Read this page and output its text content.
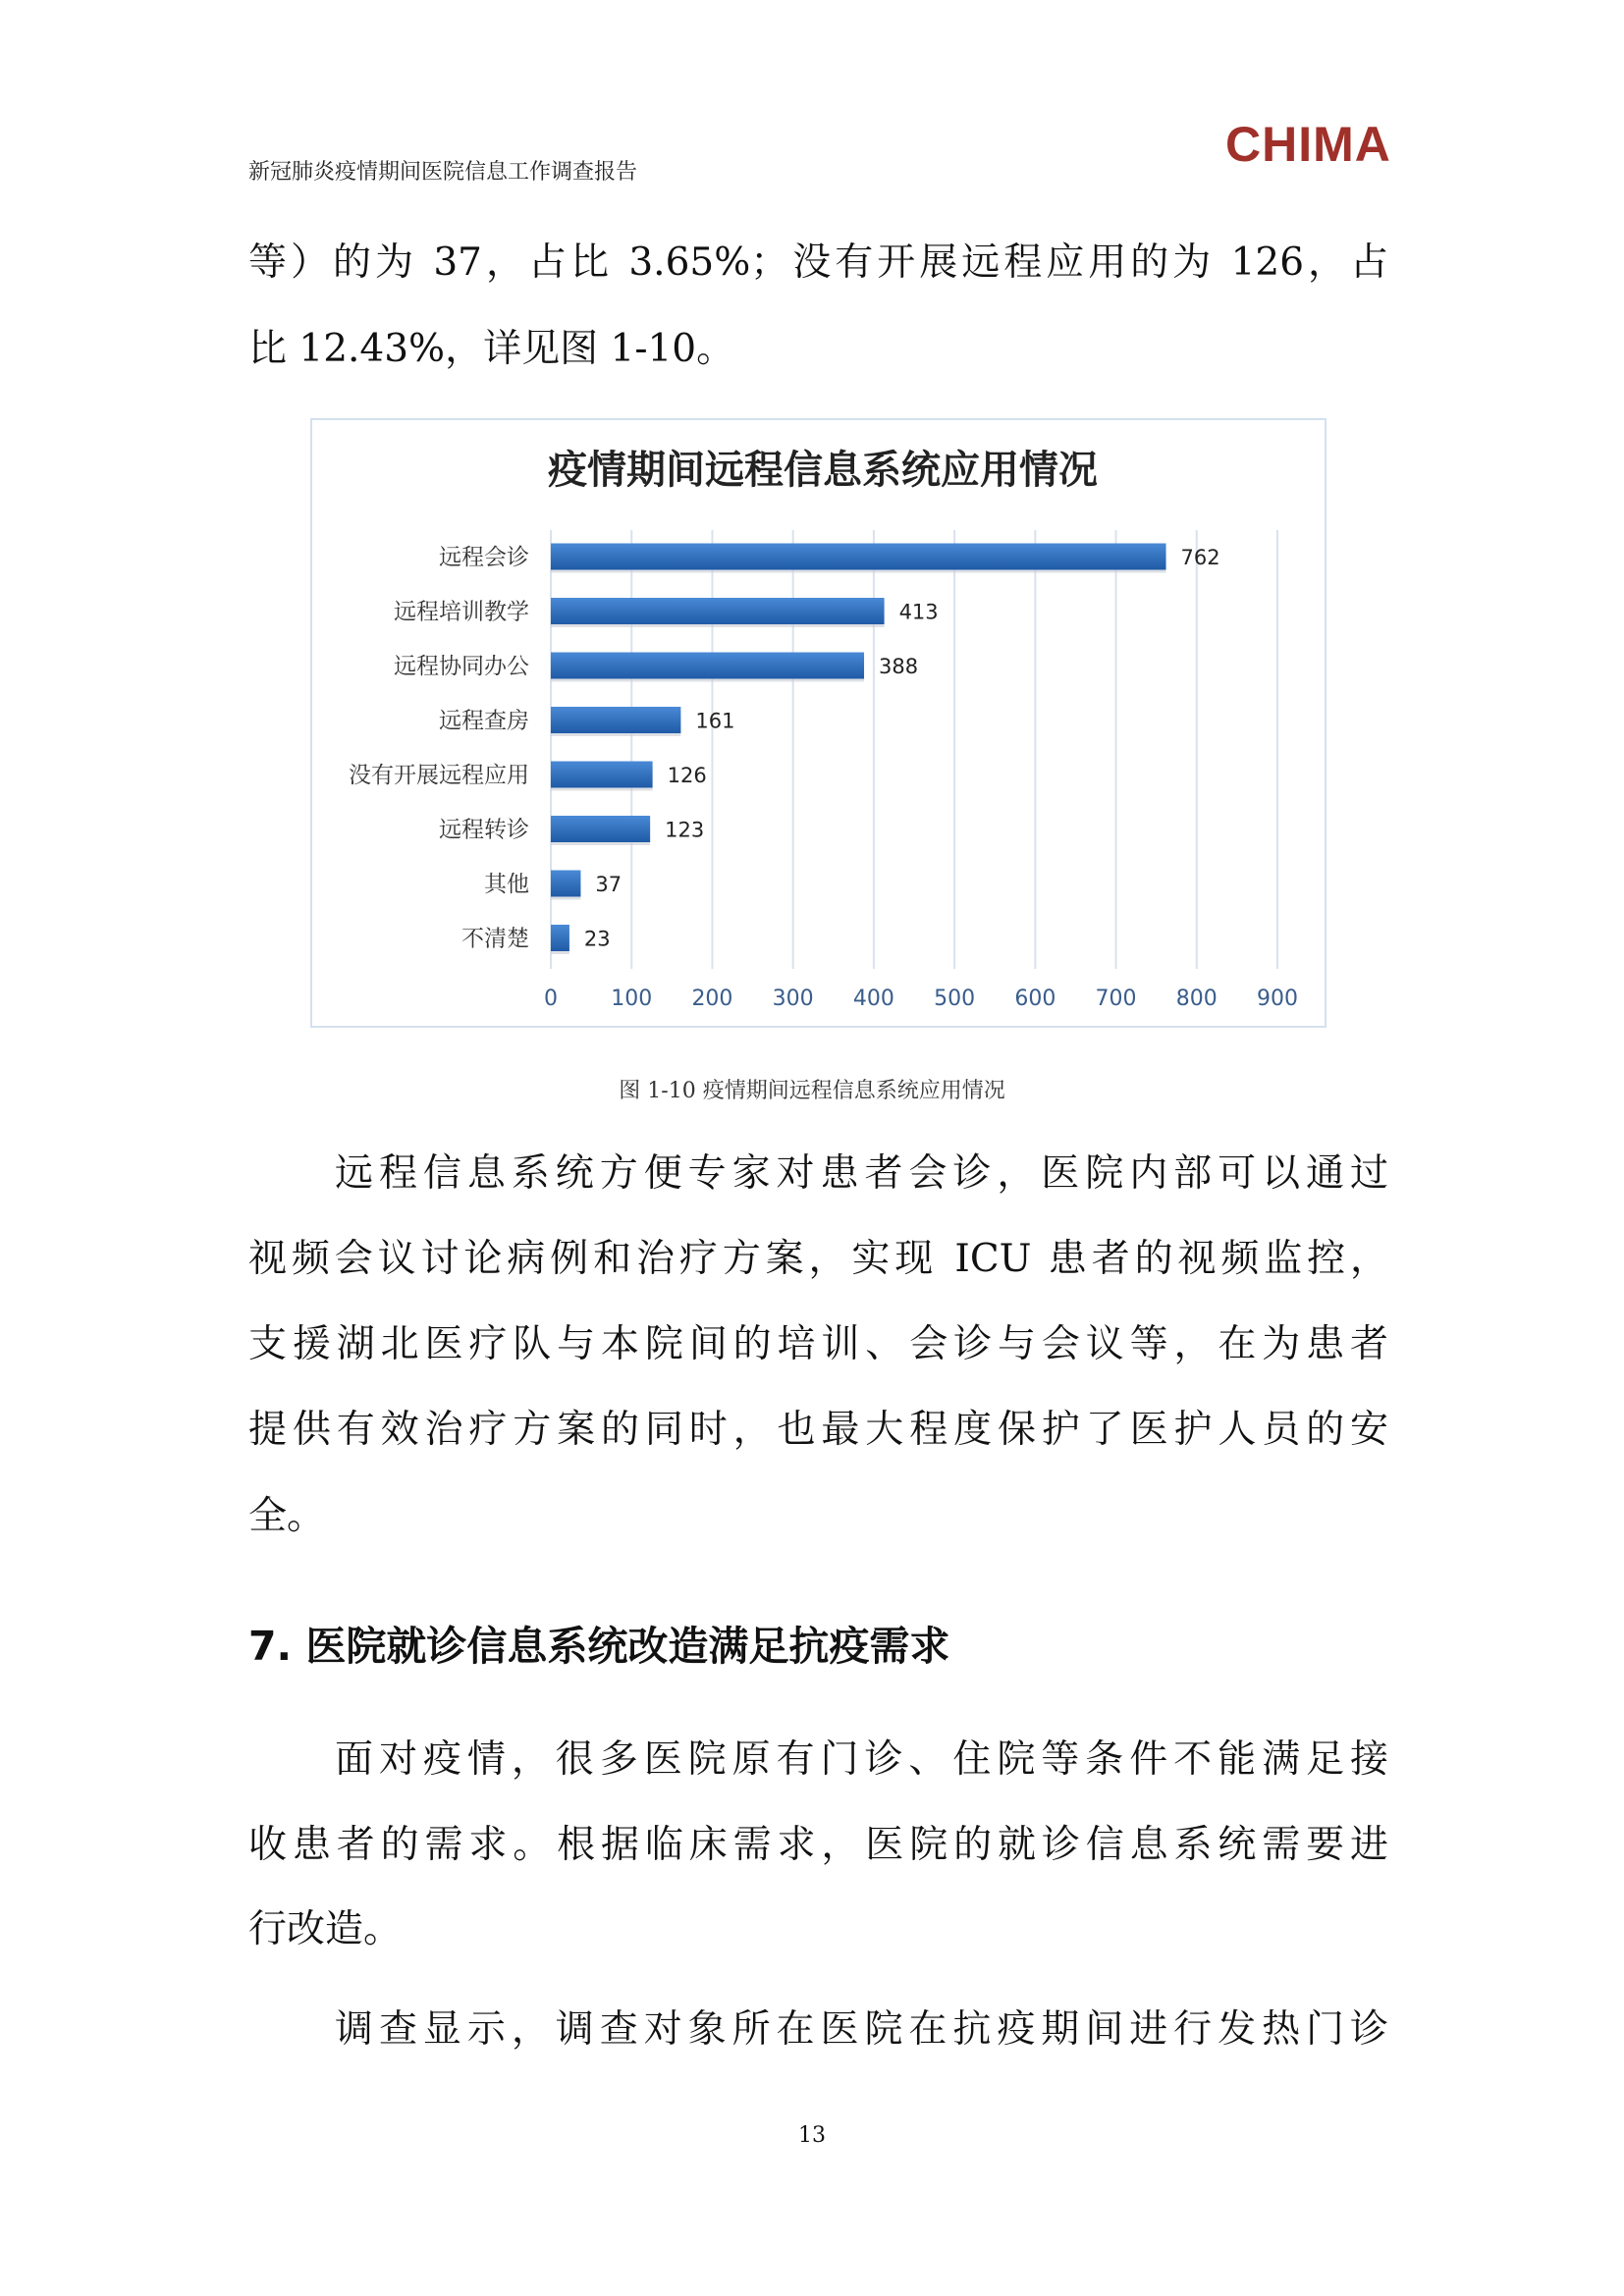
新冠肺炎疫情期间医院信息工作调查报告
CHIMA
等）的为 37，占比 3.65%；没有开展远程应用的为 126，占
比 12.43%，详见图 1-10。
疫情期间远程信息系统应用情况
0 100 200 300 400 500 600 700 800 900
远程会诊	762
远程培训教学	413
远程协同办公	388
远程查房	161
没有开展远程应用	126
远程转诊	123
其他	37
不清楚	23
图 1-10 疫情期间远程信息系统应用情况
远程信息系统方便专家对患者会诊，医院内部可以通过
视频会议讨论病例和治疗方案，实现 ICU 患者的视频监控，
支援湖北医疗队与本院间的培训、会诊与会议等，在为患者
提供有效治疗方案的同时，也最大程度保护了医护人员的安
全。
7. 医院就诊信息系统改造满足抗疫需求
面对疫情，很多医院原有门诊、住院等条件不能满足接
收患者的需求。根据临床需求，医院的就诊信息系统需要进
行改造。
调查显示，调查对象所在医院在抗疫期间进行发热门诊
13
